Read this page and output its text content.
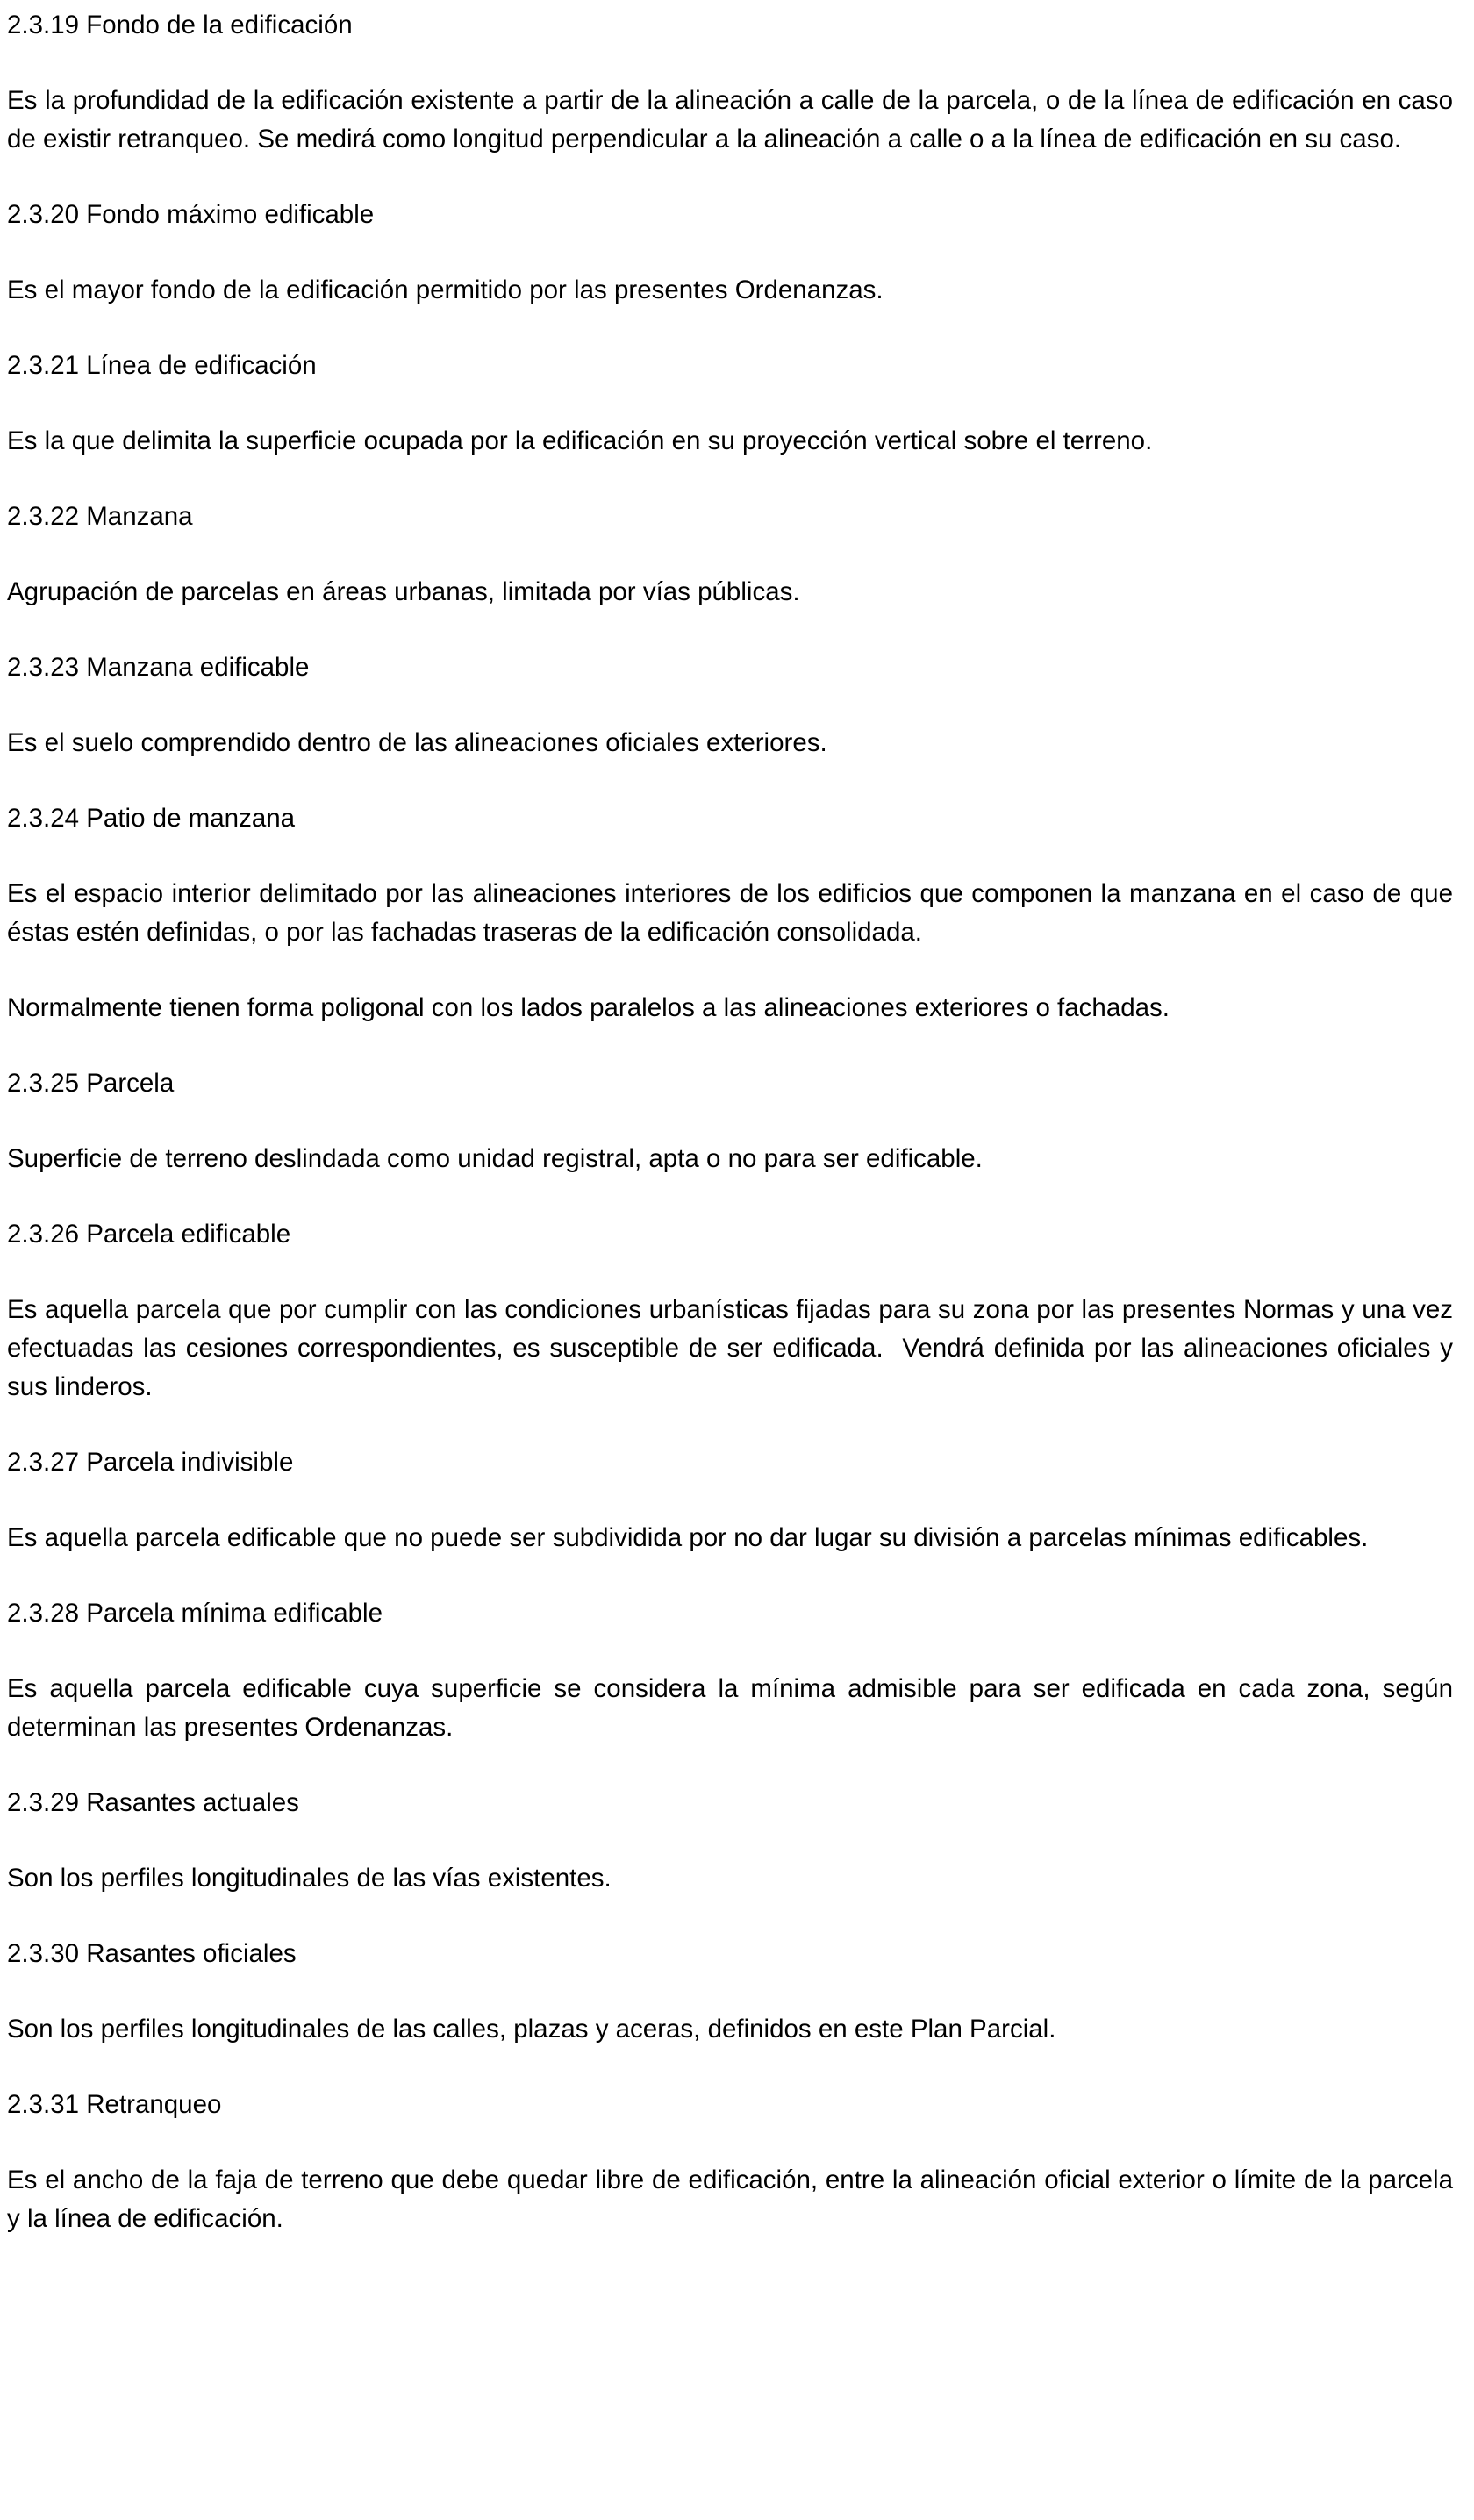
2.3.19 Fondo de la edificación

Es la profundidad de la edificación existente a partir de la alineación a calle de la parcela, o de la línea de edificación en caso de existir retranqueo. Se medirá como longitud perpendicular a la alineación a calle o a la línea de edificación en su caso.

2.3.20 Fondo máximo edificable

Es el mayor fondo de la edificación permitido por las presentes Ordenanzas.

2.3.21 Línea de edificación

Es la que delimita la superficie ocupada por la edificación en su proyección vertical sobre el terreno.

2.3.22 Manzana

Agrupación de parcelas en áreas urbanas, limitada por vías públicas.

2.3.23 Manzana edificable

Es el suelo comprendido dentro de las alineaciones oficiales exteriores.

2.3.24 Patio de manzana

Es el espacio interior delimitado por las alineaciones interiores de los edificios que componen la manzana en el caso de que éstas estén definidas, o por las fachadas traseras de la edificación consolidada.

Normalmente tienen forma poligonal con los lados paralelos a las alineaciones exteriores o fachadas.

2.3.25 Parcela

Superficie de terreno deslindada como unidad registral, apta o no para ser edificable.

2.3.26 Parcela edificable

Es aquella parcela que por cumplir con las condiciones urbanísticas fijadas para su zona por las presentes Normas y una vez efectuadas las cesiones correspondientes, es susceptible de ser edificada.  Vendrá definida por las alineaciones oficiales y sus linderos.

2.3.27 Parcela indivisible

Es aquella parcela edificable que no puede ser subdividida por no dar lugar su división a parcelas mínimas edificables.

2.3.28 Parcela mínima edificable

Es aquella parcela edificable cuya superficie se considera la mínima admisible para ser edificada en cada zona, según determinan las presentes Ordenanzas.

2.3.29 Rasantes actuales

Son los perfiles longitudinales de las vías existentes.

2.3.30 Rasantes oficiales

Son los perfiles longitudinales de las calles, plazas y aceras, definidos en este Plan Parcial.

2.3.31 Retranqueo

Es el ancho de la faja de terreno que debe quedar libre de edificación, entre la alineación oficial exterior o límite de la parcela y la línea de edificación.
